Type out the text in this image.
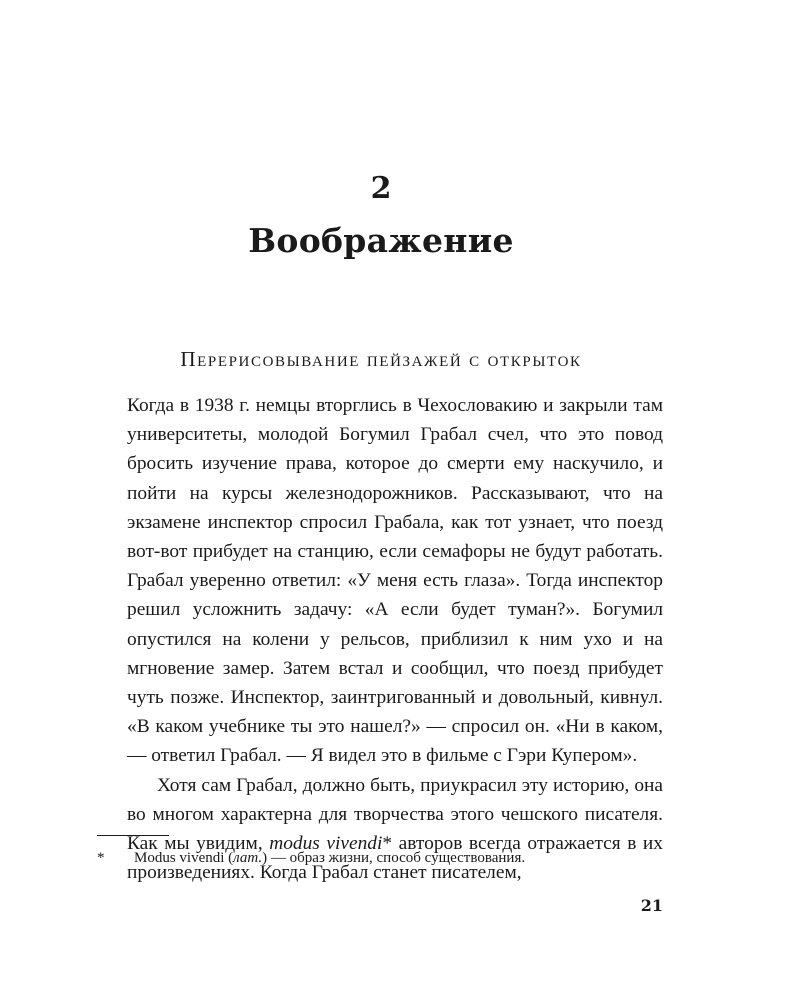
2
Воображение
Перерисовывание пейзажей с открыток

Когда в 1938 г. немцы вторглись в Чехословакию и закрыли там университеты, молодой Богумил Грабал счел, что это повод бросить изучение права, которое до смерти ему наскучило, и пойти на курсы железнодорожников. Рассказывают, что на экзамене инспектор спросил Грабала, как тот узнает, что поезд вот-вот прибудет на станцию, если семафоры не будут работать. Грабал уверенно ответил: «У меня есть глаза». Тогда инспектор решил усложнить задачу: «А если будет туман?». Богумил опустился на колени у рельсов, приблизил к ним ухо и на мгновение замер. Затем встал и сообщил, что поезд прибудет чуть позже. Инспектор, заинтригованный и довольный, кивнул. «В каком учебнике ты это нашел?» — спросил он. «Ни в каком, — ответил Грабал. — Я видел это в фильме с Гэри Купером».

Хотя сам Грабал, должно быть, приукрасил эту историю, она во многом характерна для творчества этого чешского писателя. Как мы увидим, modus vivendi* авторов всегда отражается в их произведениях. Когда Грабал станет писателем,

* Modus vivendi (лат.) — образ жизни, способ существования.
21
